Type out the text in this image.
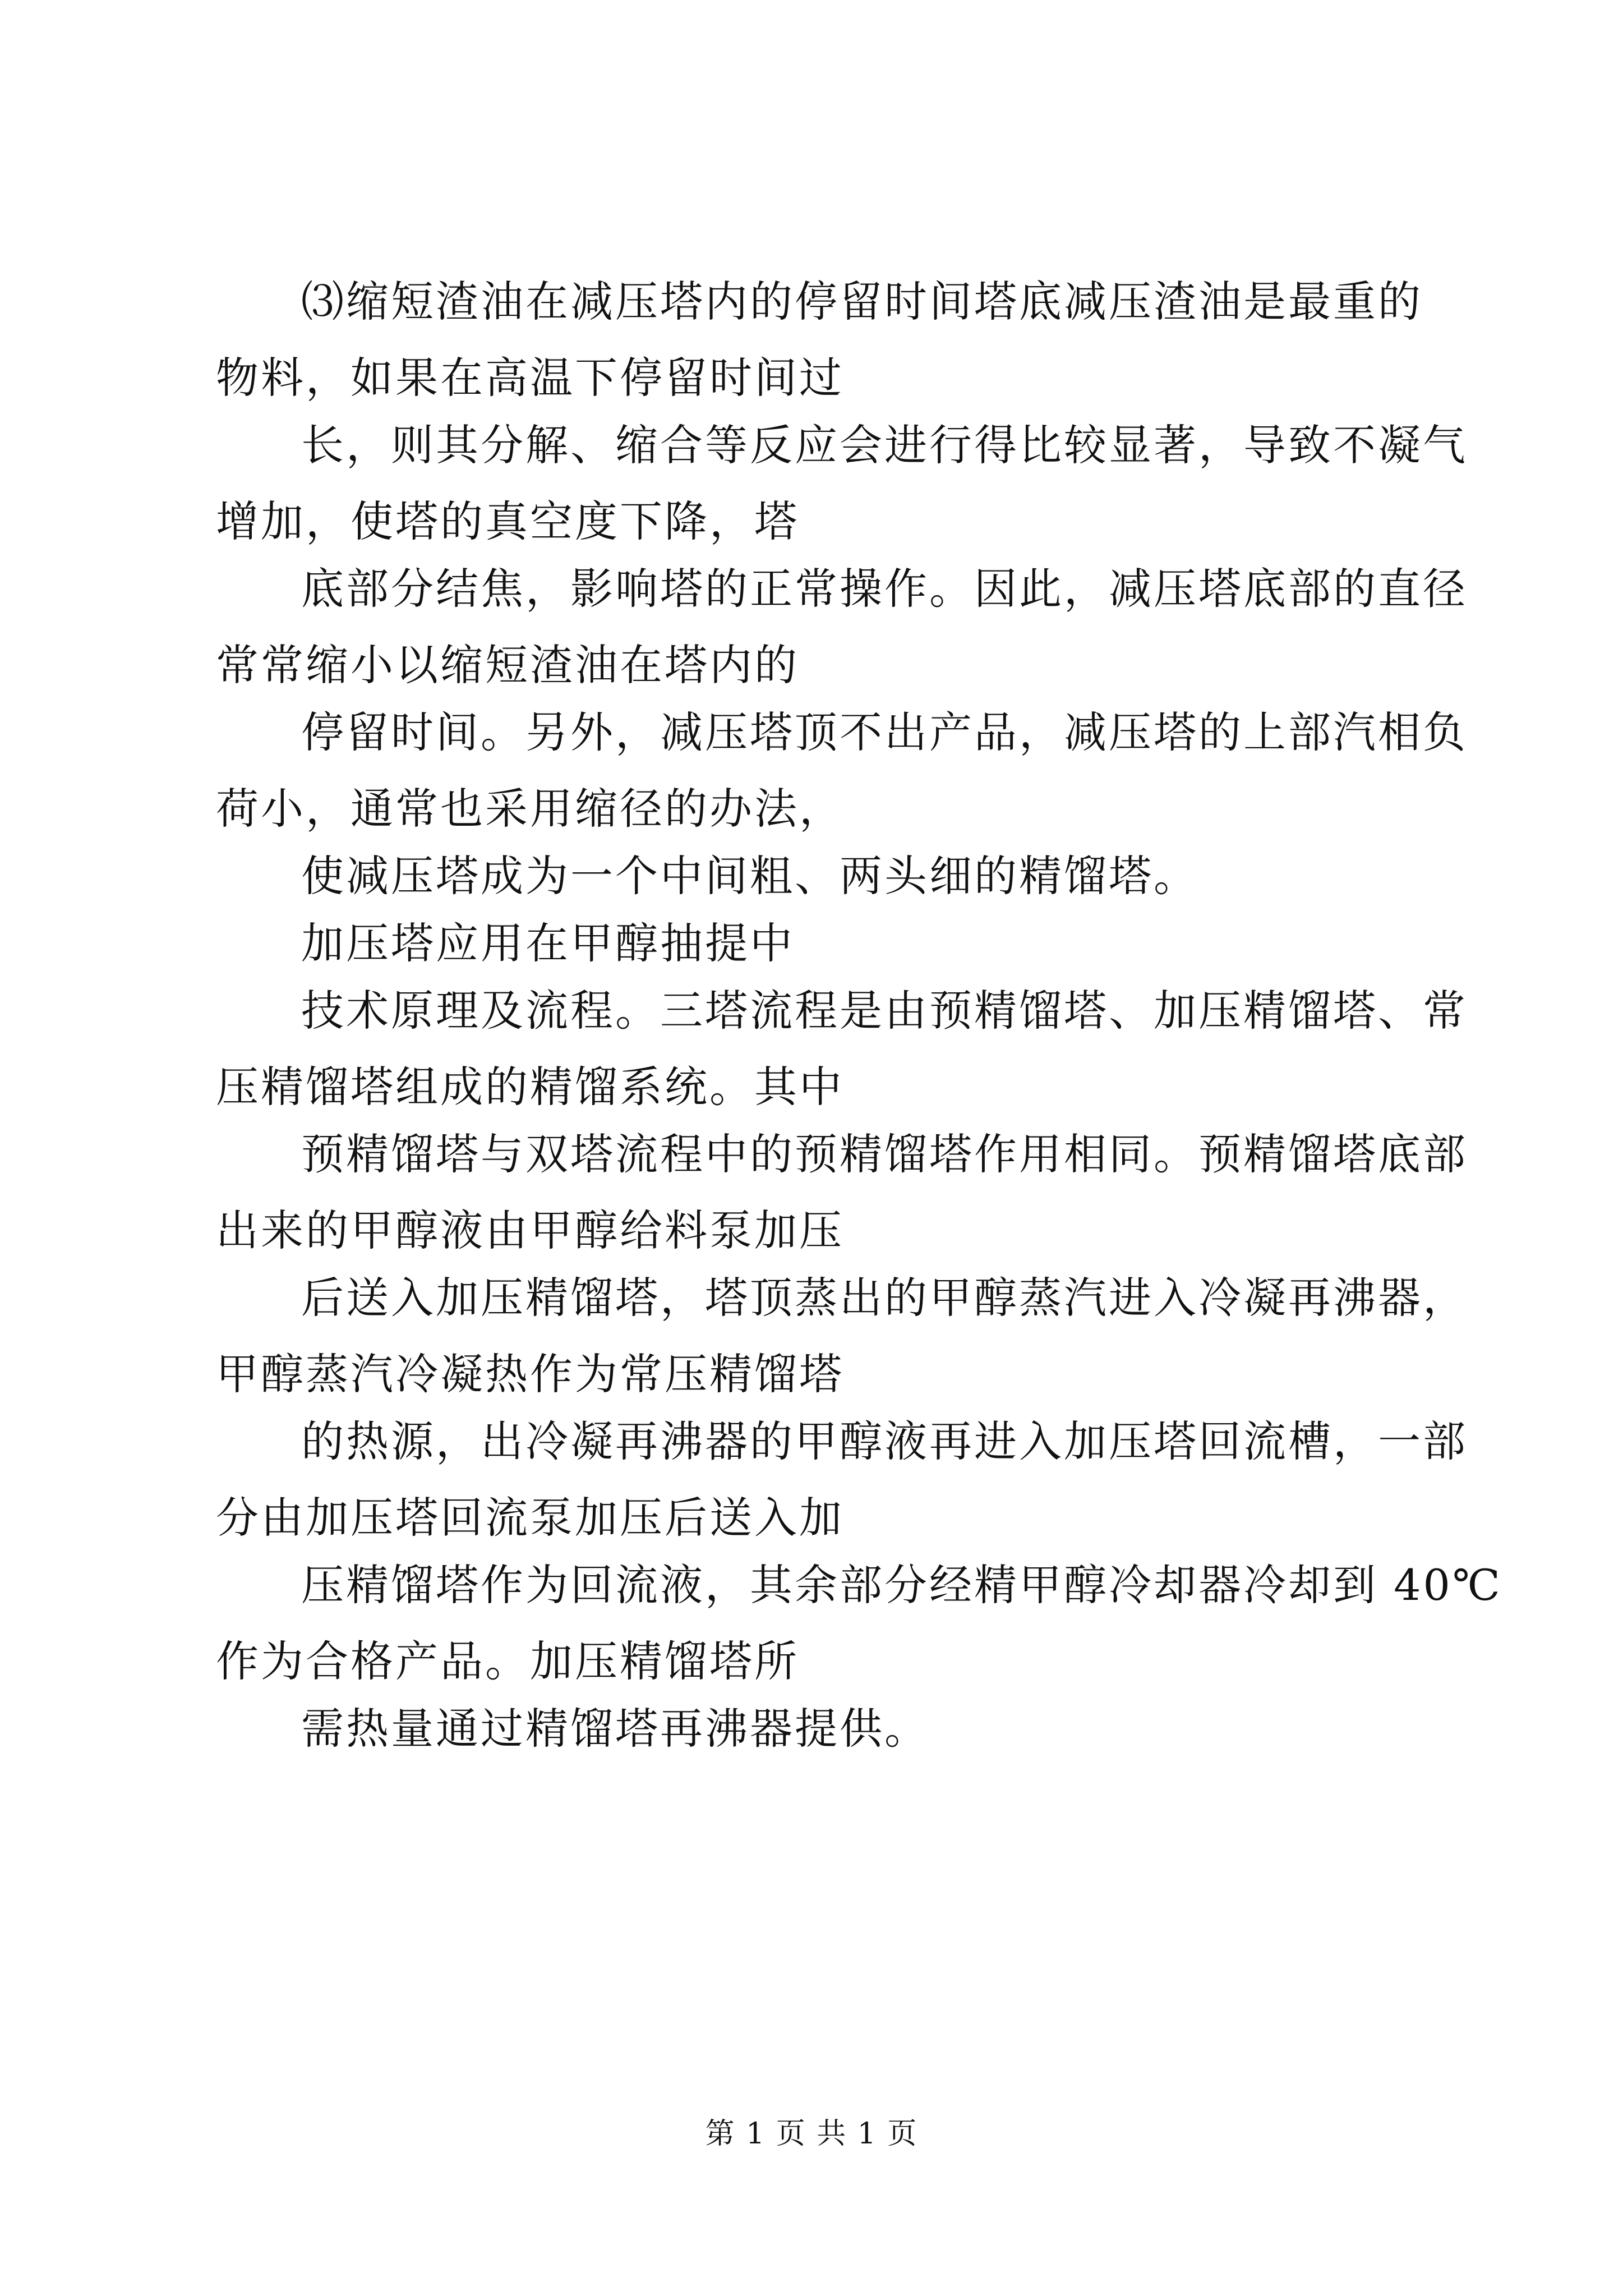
⑶缩短渣油在减压塔内的停留时间塔底减压渣油是最重的
物料，如果在高温下停留时间过

长，则其分解、缩合等反应会进行得比较显著，导致不凝气
增加，使塔的真空度下降，塔

底部分结焦，影响塔的正常操作。因此，减压塔底部的直径
常常缩小以缩短渣油在塔内的

停留时间。另外，减压塔顶不出产品，减压塔的上部汽相负
荷小，通常也采用缩径的办法，

使减压塔成为一个中间粗、两头细的精馏塔。

加压塔应用在甲醇抽提中

技术原理及流程。三塔流程是由预精馏塔、加压精馏塔、常
压精馏塔组成的精馏系统。其中

预精馏塔与双塔流程中的预精馏塔作用相同。预精馏塔底部
出来的甲醇液由甲醇给料泵加压

后送入加压精馏塔，塔顶蒸出的甲醇蒸汽进入冷凝再沸器，
甲醇蒸汽冷凝热作为常压精馏塔

的热源，出冷凝再沸器的甲醇液再进入加压塔回流槽，一部
分由加压塔回流泵加压后送入加

压精馏塔作为回流液，其余部分经精甲醇冷却器冷却到 40℃
作为合格产品。加压精馏塔所

需热量通过精馏塔再沸器提供。

第 1 页 共 1 页
